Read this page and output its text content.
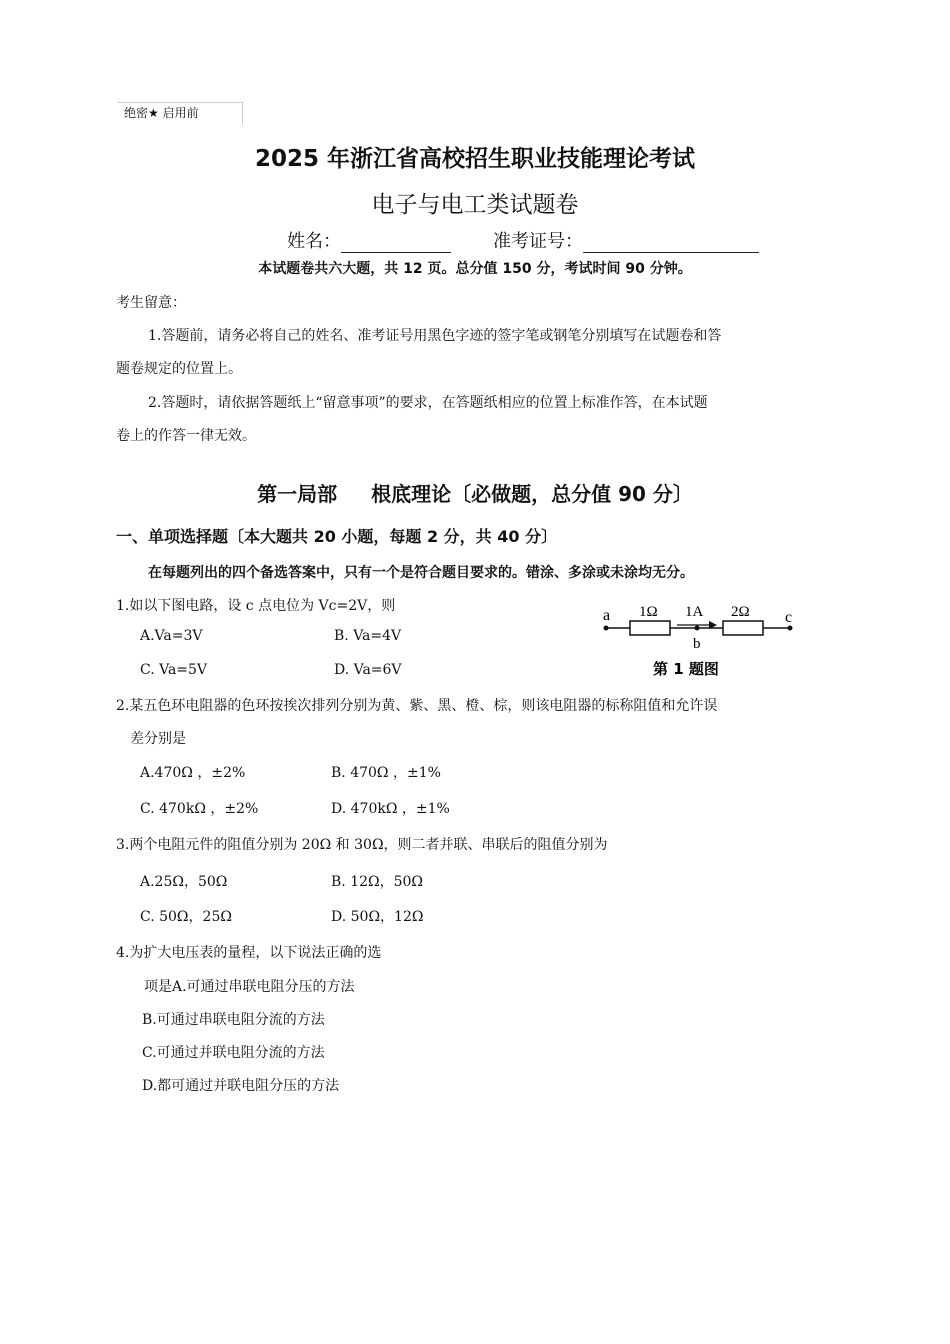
绝密★ 启用前
2025 年浙江省高校招生职业技能理论考试
电子与电工类试题卷
姓名：	准考证号：
本试题卷共六大题，共 12 页。总分值 150 分，考试时间 90 分钟。
考生留意：
1.答题前，请务必将自己的姓名、准考证号用黑色字迹的签字笔或钢笔分别填写在试题卷和答
题卷规定的位置上。
2.答题时，请依据答题纸上“留意事项”的要求，在答题纸相应的位置上标准作答，在本试题
卷上的作答一律无效。
第一局部 根底理论〔必做题，总分值 90 分〕
一、单项选择题〔本大题共 20 小题，每题 2 分，共 40 分〕
在每题列出的四个备选答案中，只有一个是符合题目要求的。错涂、多涂或未涂均无分。
1.如以下图电路，设 c 点电位为 Vc=2V，则
A.Va=3V	B. Va=4V
C. Va=5V	D. Va=6V
a 1Ω 1A
b
2Ω c
第 1 题图
2.某五色环电阻器的色环按挨次排列分别为黄、紫、黑、橙、棕，则该电阻器的标称阻值和允许误
差分别是
A.470Ω ，±2%	B. 470Ω ，±1%
C. 470kΩ ，±2%	D. 470kΩ ，±1%
3.两个电阻元件的阻值分别为 20Ω 和 30Ω，则二者并联、串联后的阻值分别为
A.25Ω，50Ω	B. 12Ω，50Ω
C. 50Ω，25Ω	D. 50Ω，12Ω
4.为扩大电压表的量程，以下说法正确的选
项是A.可通过串联电阻分压的方法
B.可通过串联电阻分流的方法
C.可通过并联电阻分流的方法
D.都可通过并联电阻分压的方法
